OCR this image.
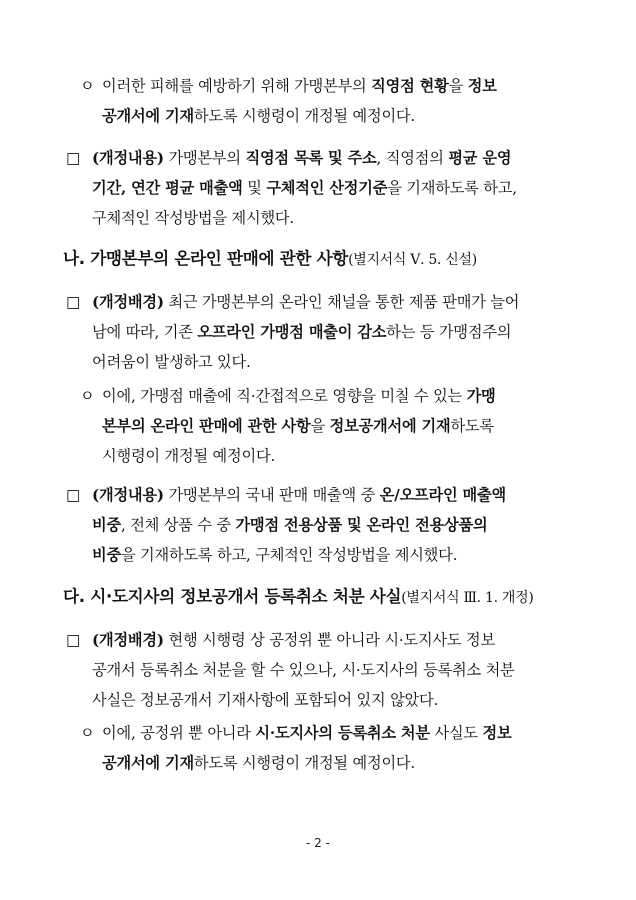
ㅇ 이러한 피해를 예방하기 위해 가맹본부의 직영점 현황을 정보
공개서에 기재하도록 시행령이 개정될 예정이다.
□ (개정내용) 가맹본부의 직영점 목록 및 주소, 직영점의 평균 운영
기간, 연간 평균 매출액 및 구체적인 산정기준을 기재하도록 하고,
구체적인 작성방법을 제시했다.
나. 가맹본부의 온라인 판매에 관한 사항(별지서식 Ⅴ. 5. 신설)
□ (개정배경) 최근 가맹본부의 온라인 채널을 통한 제품 판매가 늘어
남에 따라, 기존 오프라인 가맹점 매출이 감소하는 등 가맹점주의
어려움이 발생하고 있다.
ㅇ 이에, 가맹점 매출에 직·간접적으로 영향을 미칠 수 있는 가맹
본부의 온라인 판매에 관한 사항을 정보공개서에 기재하도록
시행령이 개정될 예정이다.
□ (개정내용) 가맹본부의 국내 판매 매출액 중 온/오프라인 매출액
비중, 전체 상품 수 중 가맹점 전용상품 및 온라인 전용상품의
비중을 기재하도록 하고, 구체적인 작성방법을 제시했다.
다. 시·도지사의 정보공개서 등록취소 처분 사실(별지서식 Ⅲ. 1. 개정)
□ (개정배경) 현행 시행령 상 공정위 뿐 아니라 시·도지사도 정보
공개서 등록취소 처분을 할 수 있으나, 시·도지사의 등록취소 처분
사실은 정보공개서 기재사항에 포함되어 있지 않았다.
ㅇ 이에, 공정위 뿐 아니라 시·도지사의 등록취소 처분 사실도 정보
공개서에 기재하도록 시행령이 개정될 예정이다.
- 2 -
